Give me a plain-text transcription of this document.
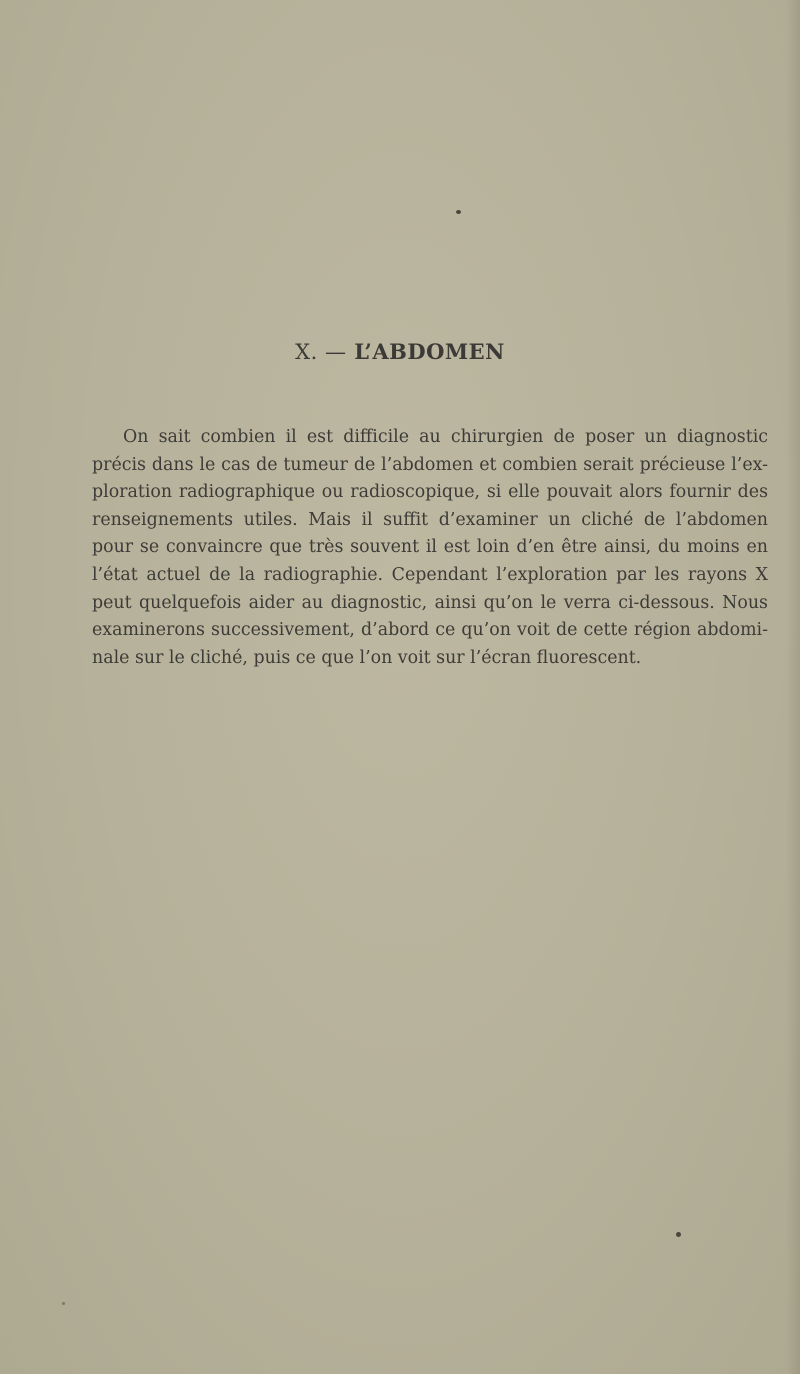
X. — L’ABDOMEN

On sait combien il est difficile au chirurgien de poser un diagnostic
précis dans le cas de tumeur de l’abdomen et combien serait précieuse l’ex-
ploration radiographique ou radioscopique, si elle pouvait alors fournir des
renseignements utiles. Mais il suffit d’examiner un cliché de l’abdomen
pour se convaincre que très souvent il est loin d’en être ainsi, du moins en
l’état actuel de la radiographie. Cependant l’exploration par les rayons X
peut quelquefois aider au diagnostic, ainsi qu’on le verra ci-dessous. Nous
examinerons successivement, d’abord ce qu’on voit de cette région abdomi-
nale sur le cliché, puis ce que l’on voit sur l’écran fluorescent.
